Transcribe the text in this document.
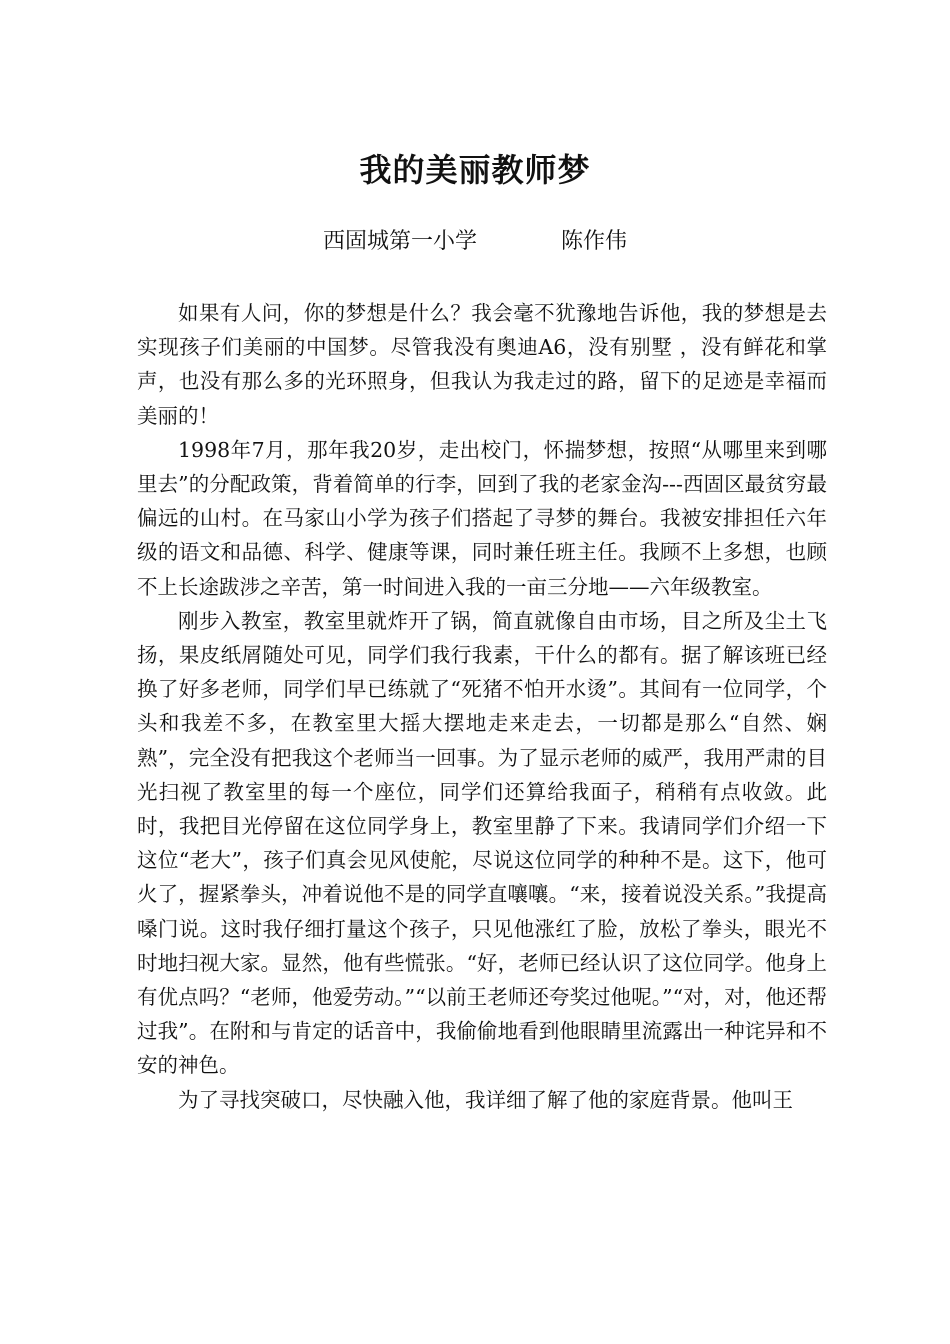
我的美丽教师梦
西固城第一小学	陈作伟

如果有人问，你的梦想是什么？我会毫不犹豫地告诉他，我的梦想是去实现孩子们美丽的中国梦。尽管我没有奥迪A6，没有别墅 ，没有鲜花和掌声，也没有那么多的光环照身，但我认为我走过的路，留下的足迹是幸福而美丽的！

1998年7月，那年我20岁，走出校门，怀揣梦想，按照“从哪里来到哪里去”的分配政策，背着简单的行李，回到了我的老家金沟---西固区最贫穷最偏远的山村。在马家山小学为孩子们搭起了寻梦的舞台。我被安排担任六年级的语文和品德、科学、健康等课，同时兼任班主任。我顾不上多想，也顾不上长途跋涉之辛苦，第一时间进入我的一亩三分地——六年级教室。

刚步入教室，教室里就炸开了锅，简直就像自由市场，目之所及尘土飞扬，果皮纸屑随处可见，同学们我行我素，干什么的都有。据了解该班已经换了好多老师，同学们早已练就了“死猪不怕开水烫”。其间有一位同学，个头和我差不多，在教室里大摇大摆地走来走去，一切都是那么“自然、娴熟”，完全没有把我这个老师当一回事。为了显示老师的威严，我用严肃的目光扫视了教室里的每一个座位，同学们还算给我面子，稍稍有点收敛。此时，我把目光停留在这位同学身上，教室里静了下来。我请同学们介绍一下这位“老大”，孩子们真会见风使舵，尽说这位同学的种种不是。这下，他可火了，握紧拳头，冲着说他不是的同学直嚷嚷。“来，接着说没关系。”我提高嗓门说。这时我仔细打量这个孩子，只见他涨红了脸，放松了拳头，眼光不时地扫视大家。显然，他有些慌张。“好，老师已经认识了这位同学。他身上有优点吗？“老师，他爱劳动。”“以前王老师还夸奖过他呢。”“对，对，他还帮过我”。在附和与肯定的话音中，我偷偷地看到他眼睛里流露出一种诧异和不安的神色。

为了寻找突破口，尽快融入他，我详细了解了他的家庭背景。他叫王
